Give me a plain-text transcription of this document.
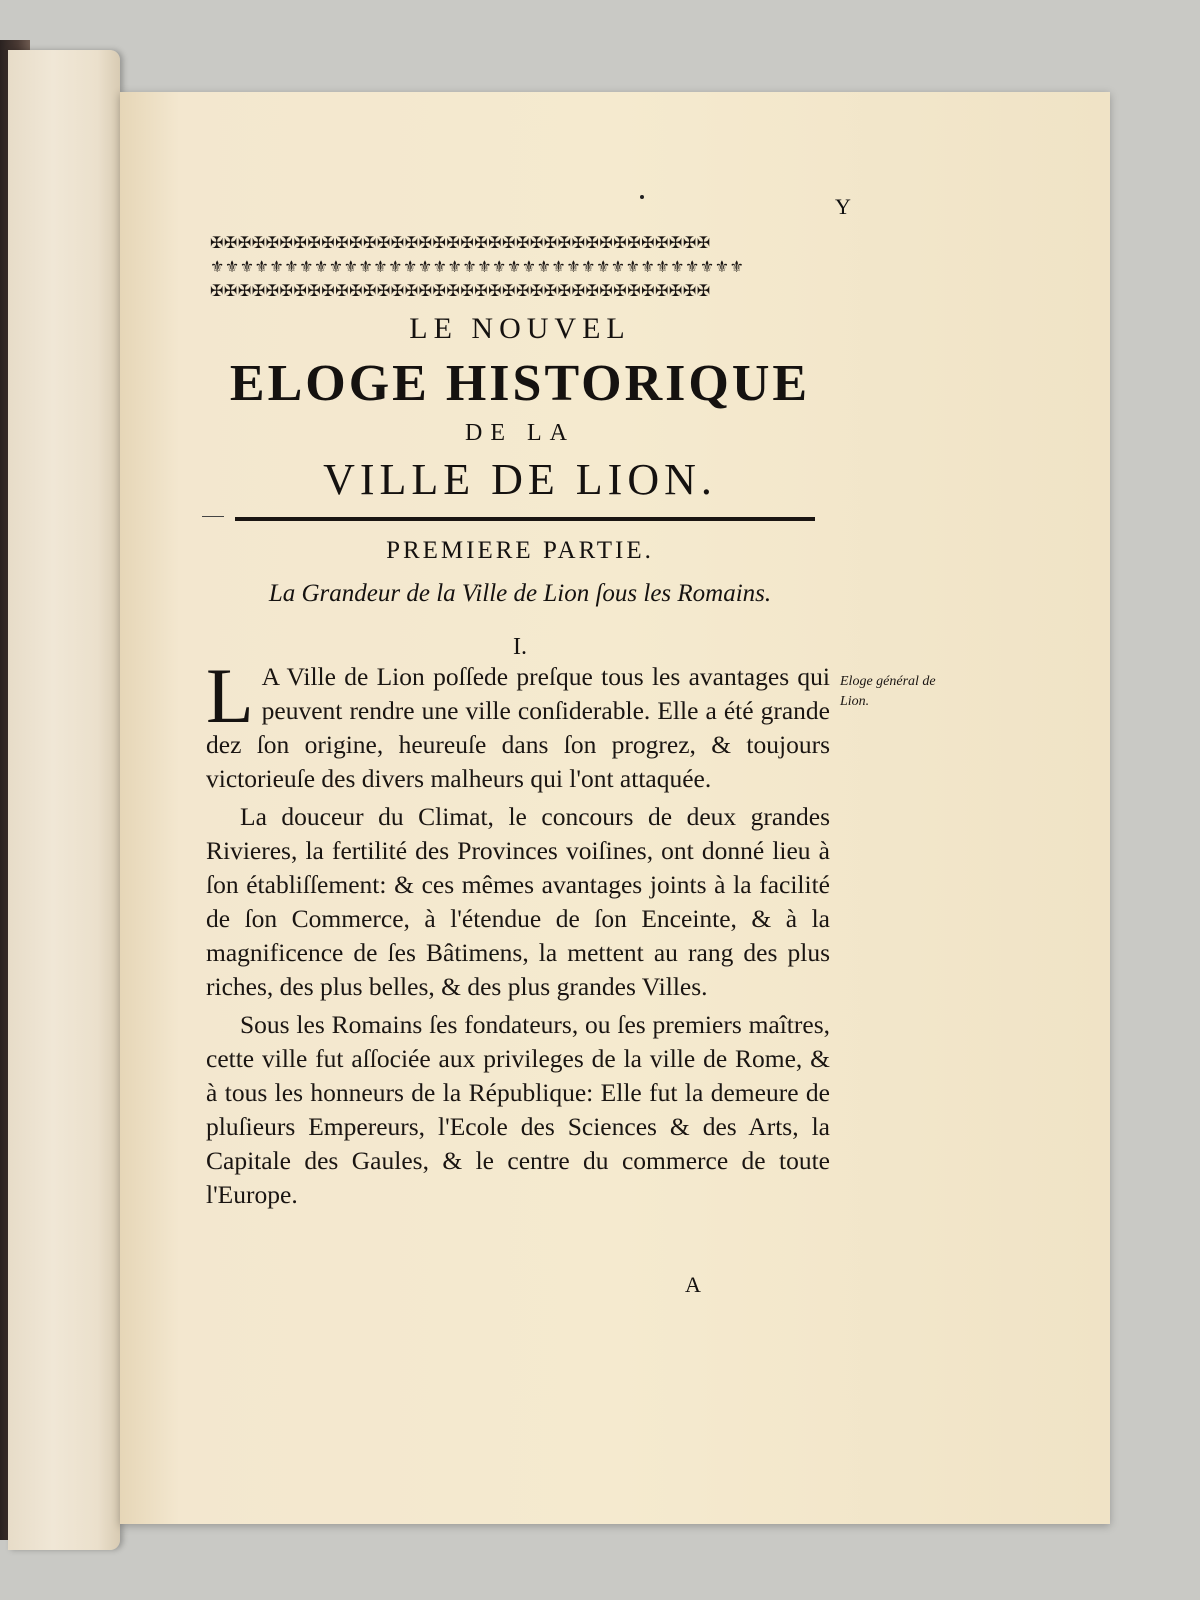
Y
✠✠✠✠✠✠✠✠✠✠✠✠✠✠✠✠✠✠✠✠✠✠✠✠✠✠✠✠✠✠✠✠✠✠✠✠
⚜⚜⚜⚜⚜⚜⚜⚜⚜⚜⚜⚜⚜⚜⚜⚜⚜⚜⚜⚜⚜⚜⚜⚜⚜⚜⚜⚜⚜⚜⚜⚜⚜⚜⚜⚜
✠✠✠✠✠✠✠✠✠✠✠✠✠✠✠✠✠✠✠✠✠✠✠✠✠✠✠✠✠✠✠✠✠✠✠✠
LE NOUVEL
ELOGE HISTORIQUE
DE LA
VILLE DE LION.
PREMIERE PARTIE.
La Grandeur de la Ville de Lion ſous les Romains.
I.

L A Ville de Lion poſſede preſque tous les avantages qui peuvent rendre une ville conſiderable. Elle a été grande dez ſon origine, heureuſe dans ſon progrez, & toujours victorieuſe des divers malheurs qui l'ont attaquée.

La douceur du Climat, le concours de deux grandes Rivieres, la fertilité des Provinces voiſines, ont donné lieu à ſon établiſſement: & ces mêmes avantages joints à la facilité de ſon Commerce, à l'étendue de ſon Enceinte, & à la magnificence de ſes Bâtimens, la mettent au rang des plus riches, des plus belles, & des plus grandes Villes.

Sous les Romains ſes fondateurs, ou ſes premiers maîtres, cette ville fut aſſociée aux privileges de la ville de Rome, & à tous les honneurs de la République: Elle fut la demeure de pluſieurs Empereurs, l'Ecole des Sciences & des Arts, la Capitale des Gaules, & le centre du commerce de toute l'Europe.

Eloge général de Lion.
A
